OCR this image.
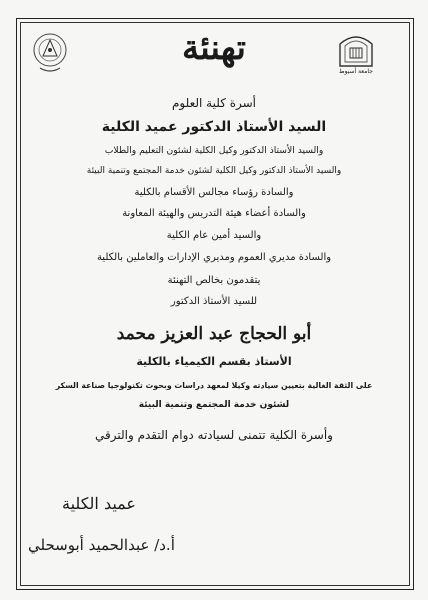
جامعة أسيوط
تهنئة
أسرة كلية العلوم
السيد الأستاذ الدكتور عميد الكلية
والسيد الأستاذ الدكتور وكيل الكلية لشئون التعليم والطلاب
والسيد الأستاذ الدكتور وكيل الكلية لشئون خدمة المجتمع وتنمية البيئة
والسادة رؤساء مجالس الأقسام بالكلية
والسادة أعضاء هيئة التدريس والهيئة المعاونة
والسيد أمين عام الكلية
والسادة مديري العموم ومديري الإدارات والعاملين بالكلية
يتقدمون بخالص التهنئة
للسيد الأستاذ الدكتور
أبو الحجاج عبد العزيز محمد
الأستاذ بقسم الكيمياء بالكلية
على الثقة الغالية بتعيين سيادته وكيلا لمعهد دراسات وبحوث تكنولوجيا صناعة السكر
لشئون خدمة المجتمع وتنمية البيئة
وأسرة الكلية تتمنى لسيادته دوام التقدم والترقي
عميد الكلية
أ.د/ عبدالحميد أبوسحلي
